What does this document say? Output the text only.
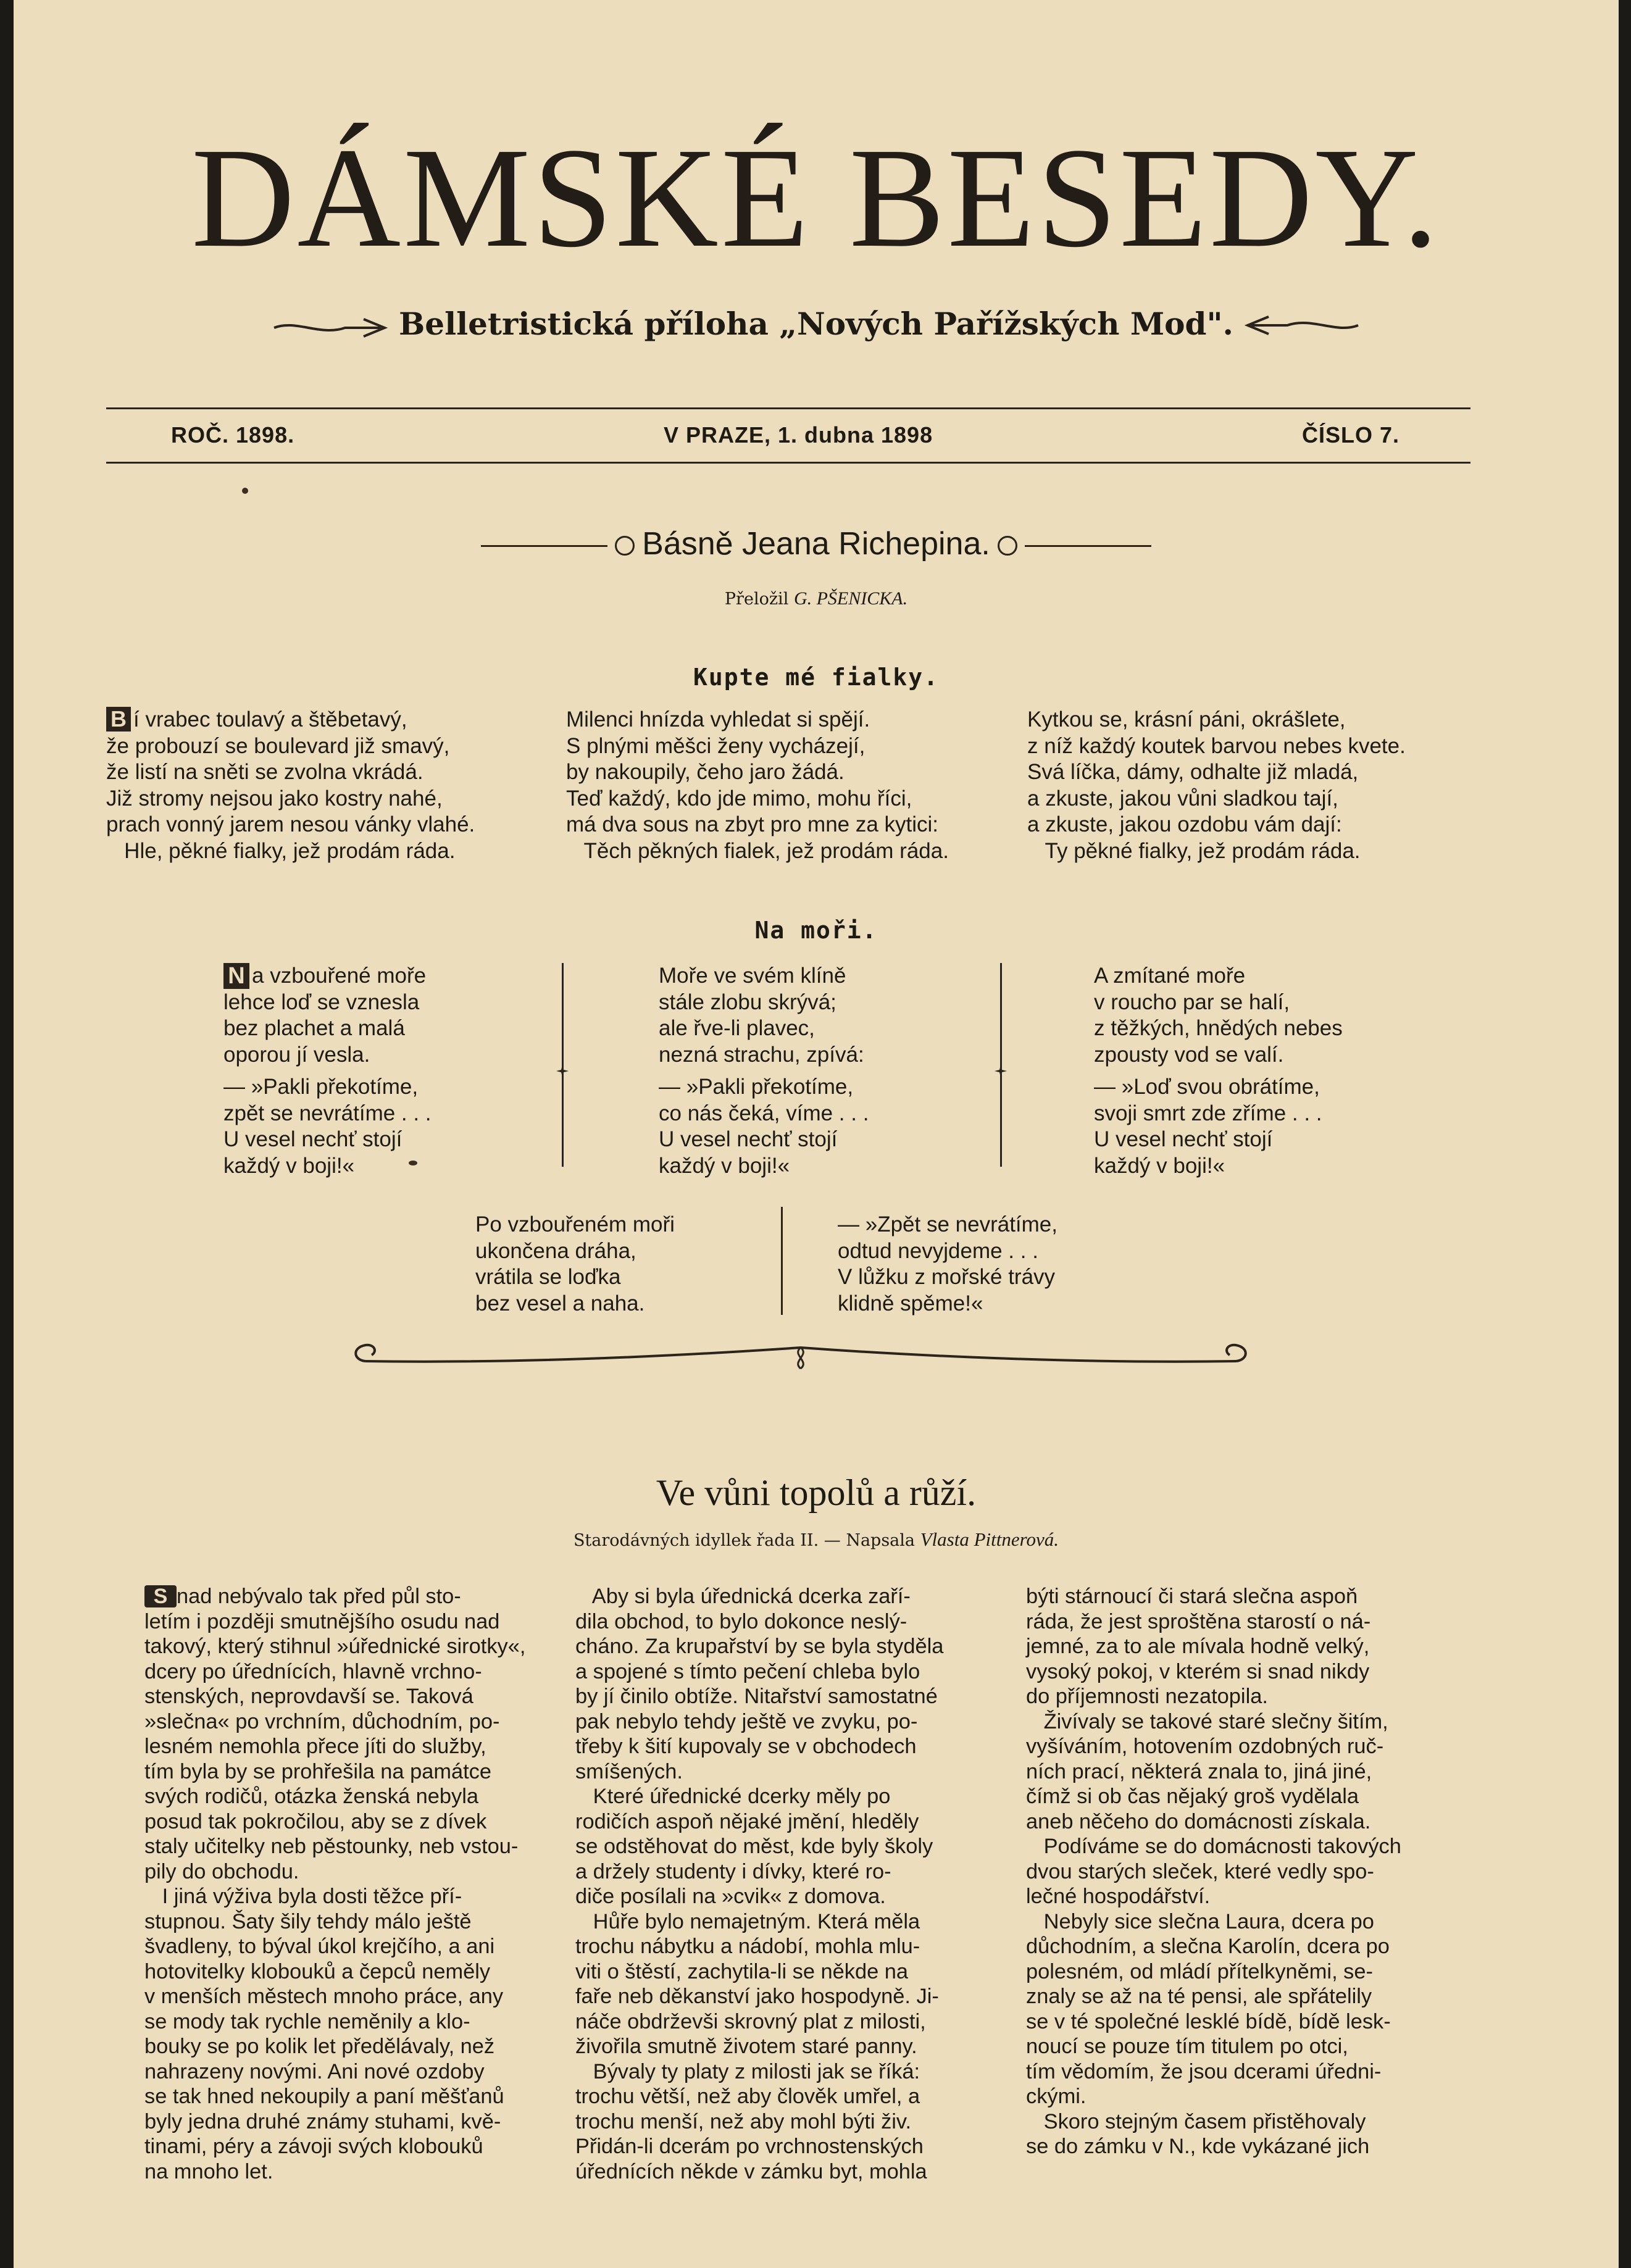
DÁMSKÉ BESEDY.
Belletristická příloha „Nových Pařížských Mod".
ROČ. 1898.	V PRAZE, 1. dubna 1898	ČÍSLO 7.
Básně Jeana Richepina.
Přeložil G. PŠENICKA.
Kupte mé fialky.
B í vrabec toulavý a štěbetavý,
že probouzí se boulevard již smavý,
že listí na sněti se zvolna vkrádá.
Již stromy nejsou jako kostry nahé,
prach vonný jarem nesou vánky vlahé.
Hle, pěkné fialky, jež prodám ráda.
Milenci hnízda vyhledat si spějí.
S plnými měšci ženy vycházejí,
by nakoupily, čeho jaro žádá.
Teď každý, kdo jde mimo, mohu říci,
má dva sous na zbyt pro mne za kytici:
Těch pěkných fialek, jež prodám ráda.
Kytkou se, krásní páni, okrášlete,
z níž každý koutek barvou nebes kvete.
Svá líčka, dámy, odhalte již mladá,
a zkuste, jakou vůni sladkou tají,
a zkuste, jakou ozdobu vám dají:
Ty pěkné fialky, jež prodám ráda.
Na moři.
N a vzbouřené moře
lehce loď se vznesla
bez plachet a malá
oporou jí vesla.
— »Pakli překotíme,
zpět se nevrátíme . . .
U vesel nechť stojí
každý v boji!«
Moře ve svém klíně
stále zlobu skrývá;
ale řve-li plavec,
nezná strachu, zpívá:
— »Pakli překotíme,
co nás čeká, víme . . .
U vesel nechť stojí
každý v boji!«
A zmítané moře
v roucho par se halí,
z těžkých, hnědých nebes
zpousty vod se valí.
— »Loď svou obrátíme,
svoji smrt zde zříme . . .
U vesel nechť stojí
každý v boji!«
Po vzbouřeném moři
ukončena dráha,
vrátila se loďka
bez vesel a naha.
— »Zpět se nevrátíme,
odtud nevyjdeme . . .
V lůžku z mořské trávy
klidně spěme!«
Ve vůni topolů a růží.
Starodávných idyllek řada II. — Napsala Vlasta Pittnerová.
S nad nebývalo tak před půl sto-
letím i později smutnějšího osudu nad
takový, který stihnul »úřednické sirotky«,
dcery po úřednících, hlavně vrchno-
stenských, neprovdavší se. Taková
»slečna« po vrchním, důchodním, po-
lesném nemohla přece jíti do služby,
tím byla by se prohřešila na památce
svých rodičů, otázka ženská nebyla
posud tak pokročilou, aby se z dívek
staly učitelky neb pěstounky, neb vstou-
pily do obchodu.
I jiná výživa byla dosti těžce pří-
stupnou. Šaty šily tehdy málo ještě
švadleny, to býval úkol krejčího, a ani
hotovitelky klobouků a čepců neměly
v menších městech mnoho práce, any
se mody tak rychle neměnily a klo-
bouky se po kolik let předělávaly, než
nahrazeny novými. Ani nové ozdoby
se tak hned nekoupily a paní měšťanů
byly jedna druhé známy stuhami, kvě-
tinami, péry a závoji svých klobouků
na mnoho let.
Aby si byla úřednická dcerka zaří-
dila obchod, to bylo dokonce neslý-
cháno. Za krupařství by se byla styděla
a spojené s tímto pečení chleba bylo
by jí činilo obtíže. Nitařství samostatné
pak nebylo tehdy ještě ve zvyku, po-
třeby k šití kupovaly se v obchodech
smíšených.
Které úřednické dcerky měly po
rodičích aspoň nějaké jmění, hleděly
se odstěhovat do měst, kde byly školy
a držely studenty i dívky, které ro-
diče posílali na »cvik« z domova.
Hůře bylo nemajetným. Která měla
trochu nábytku a nádobí, mohla mlu-
viti o štěstí, zachytila-li se někde na
faře neb děkanství jako hospodyně. Ji-
náče obdrževši skrovný plat z milosti,
živořila smutně životem staré panny.
Bývaly ty platy z milosti jak se říká:
trochu větší, než aby člověk umřel, a
trochu menší, než aby mohl býti živ.
Přidán-li dcerám po vrchnostenských
úřednících někde v zámku byt, mohla
býti stárnoucí či stará slečna aspoň
ráda, že jest sproštěna starostí o ná-
jemné, za to ale mívala hodně velký,
vysoký pokoj, v kterém si snad nikdy
do příjemnosti nezatopila.
Živívaly se takové staré slečny šitím,
vyšíváním, hotovením ozdobných ruč-
ních prací, některá znala to, jiná jiné,
čímž si ob čas nějaký groš vydělala
aneb něčeho do domácnosti získala.
Podíváme se do domácnosti takových
dvou starých sleček, které vedly spo-
lečné hospodářství.
Nebyly sice slečna Laura, dcera po
důchodním, a slečna Karolín, dcera po
polesném, od mládí přítelkyněmi, se-
znaly se až na té pensi, ale spřátelily
se v té společné lesklé bídě, bídě lesk-
noucí se pouze tím titulem po otci,
tím vědomím, že jsou dcerami úředni-
ckými.
Skoro stejným časem přistěhovaly
se do zámku v N., kde vykázané jich
